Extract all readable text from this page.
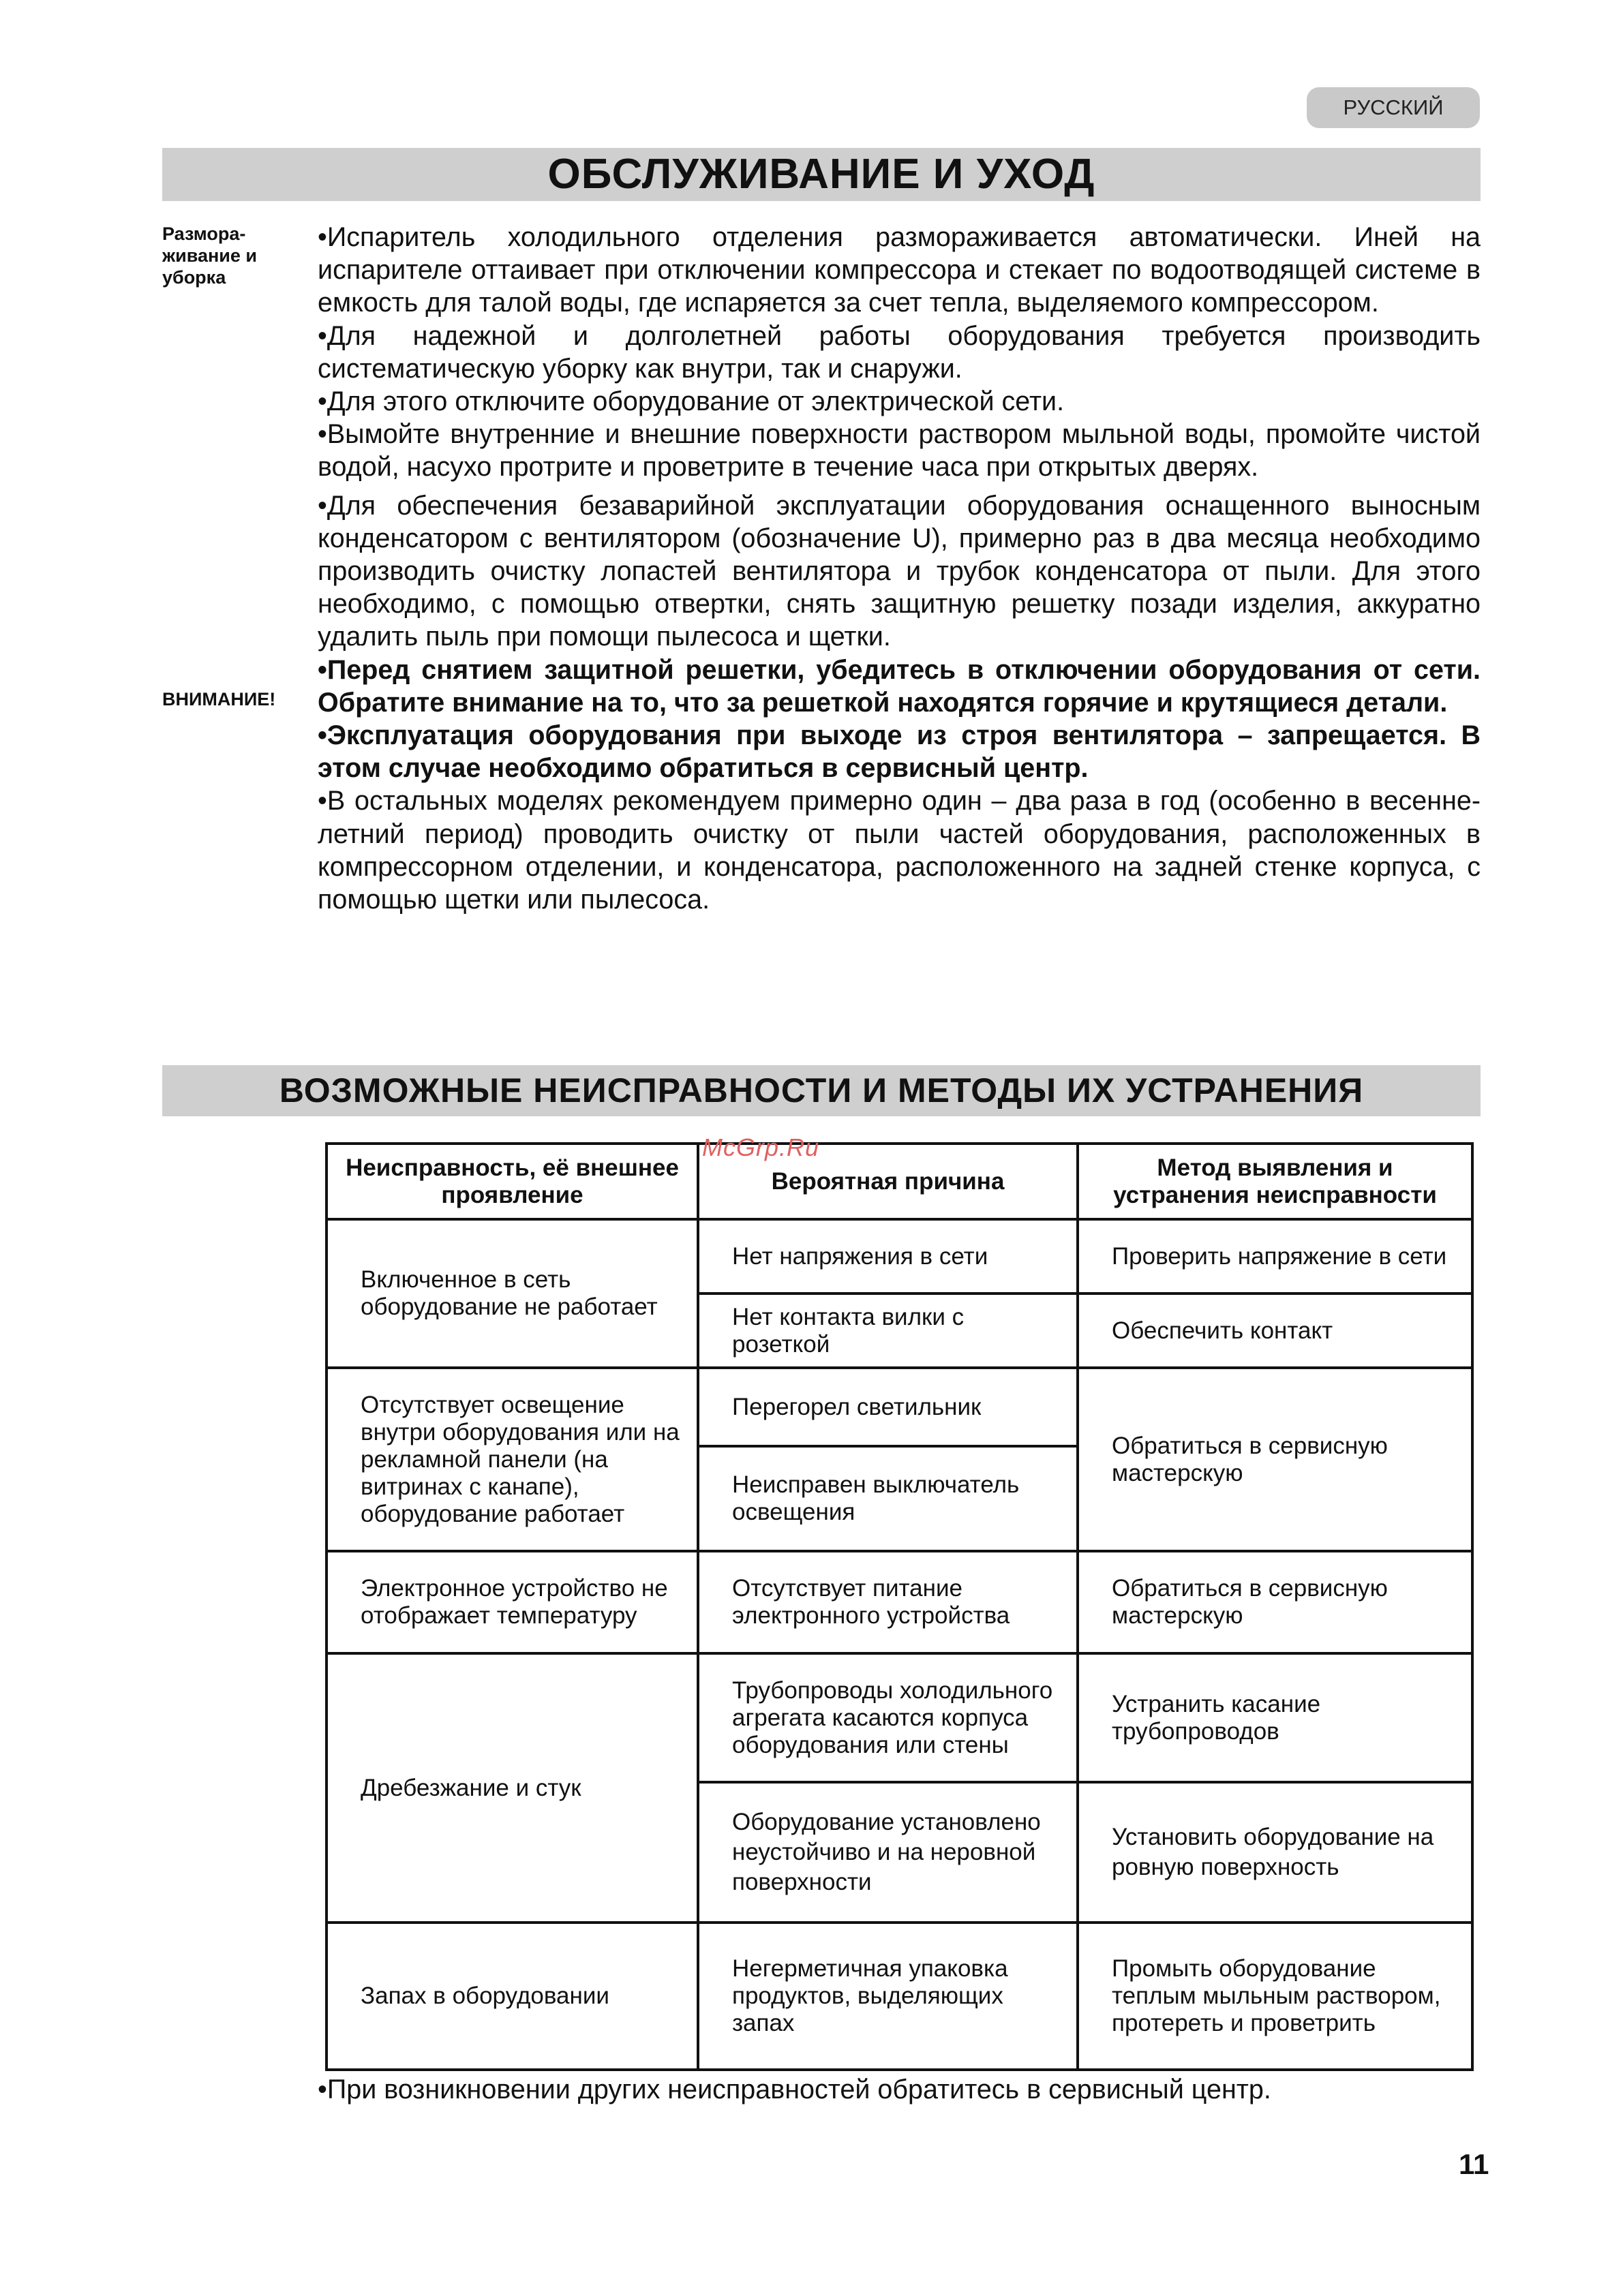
РУССКИЙ
ОБСЛУЖИВАНИЕ И УХОД
Размора-живание и уборка
ВНИМАНИЕ!

•Испаритель холодильного отделения размораживается автоматически. Иней на испарителе оттаивает при отключении компрессора и стекает по водоотводящей системе в емкость для талой воды, где испаряется за счет тепла, выделяемого компрессором.

•Для надежной и долголетней работы оборудования требуется производить систематическую уборку как внутри, так и снаружи.

•Для этого отключите оборудование от электрической сети.

•Вымойте внутренние и внешние поверхности раствором мыльной воды, промойте чистой водой, насухо протрите и проветрите в течение часа при открытых дверях.

•Для обеспечения безаварийной эксплуатации оборудования оснащенного выносным конденсатором с вентилятором (обозначение U), примерно раз в два месяца необходимо производить очистку лопастей вентилятора и трубок конденсатора от пыли. Для этого необходимо, с помощью отвертки, снять защитную решетку позади изделия, аккуратно удалить пыль при помощи пылесоса и щетки.

•Перед снятием защитной решетки, убедитесь в отключении оборудования от сети. Обратите внимание на то, что за решеткой находятся горячие и крутящиеся детали.

•Эксплуатация оборудования при выходе из строя вентилятора – запрещается. В этом случае необходимо обратиться в сервисный центр.

•В остальных моделях рекомендуем примерно один – два раза в год (особенно в весенне-летний период) проводить очистку от пыли частей оборудования, расположенных в компрессорном отделении, и конденсатора, расположенного на задней стенке корпуса, с помощью щетки или пылесоса.

ВОЗМОЖНЫЕ НЕИСПРАВНОСТИ И МЕТОДЫ ИХ УСТРАНЕНИЯ
Неисправность, её внешнее проявление	Вероятная причина	Метод выявления и устранения неисправности
Включенное в сеть оборудование не работает	Нет напряжения в сети	Проверить напряжение в сети
	Нет контакта вилки с розеткой	Обеспечить контакт
Отсутствует освещение внутри оборудования или на рекламной панели (на витринах с канапе), оборудование работает	Перегорел светильник	Обратиться в сервисную мастерскую
	Неисправен выключатель освещения	
Электронное устройство не отображает температуру	Отсутствует питание электронного устройства	Обратиться в сервисную мастерскую
Дребезжание и стук	Трубопроводы холодильного агрегата касаются корпуса оборудования или стены	Устранить касание трубопроводов
	Оборудование установлено неустойчиво и на неровной поверхности	Установить оборудование на ровную поверхность
Запах в оборудовании	Негерметичная упаковка продуктов, выделяющих запах	Промыть оборудование теплым мыльным раствором, протереть и проветрить
McGrp.Ru
•При возникновении других неисправностей обратитесь в сервисный центр.
11
